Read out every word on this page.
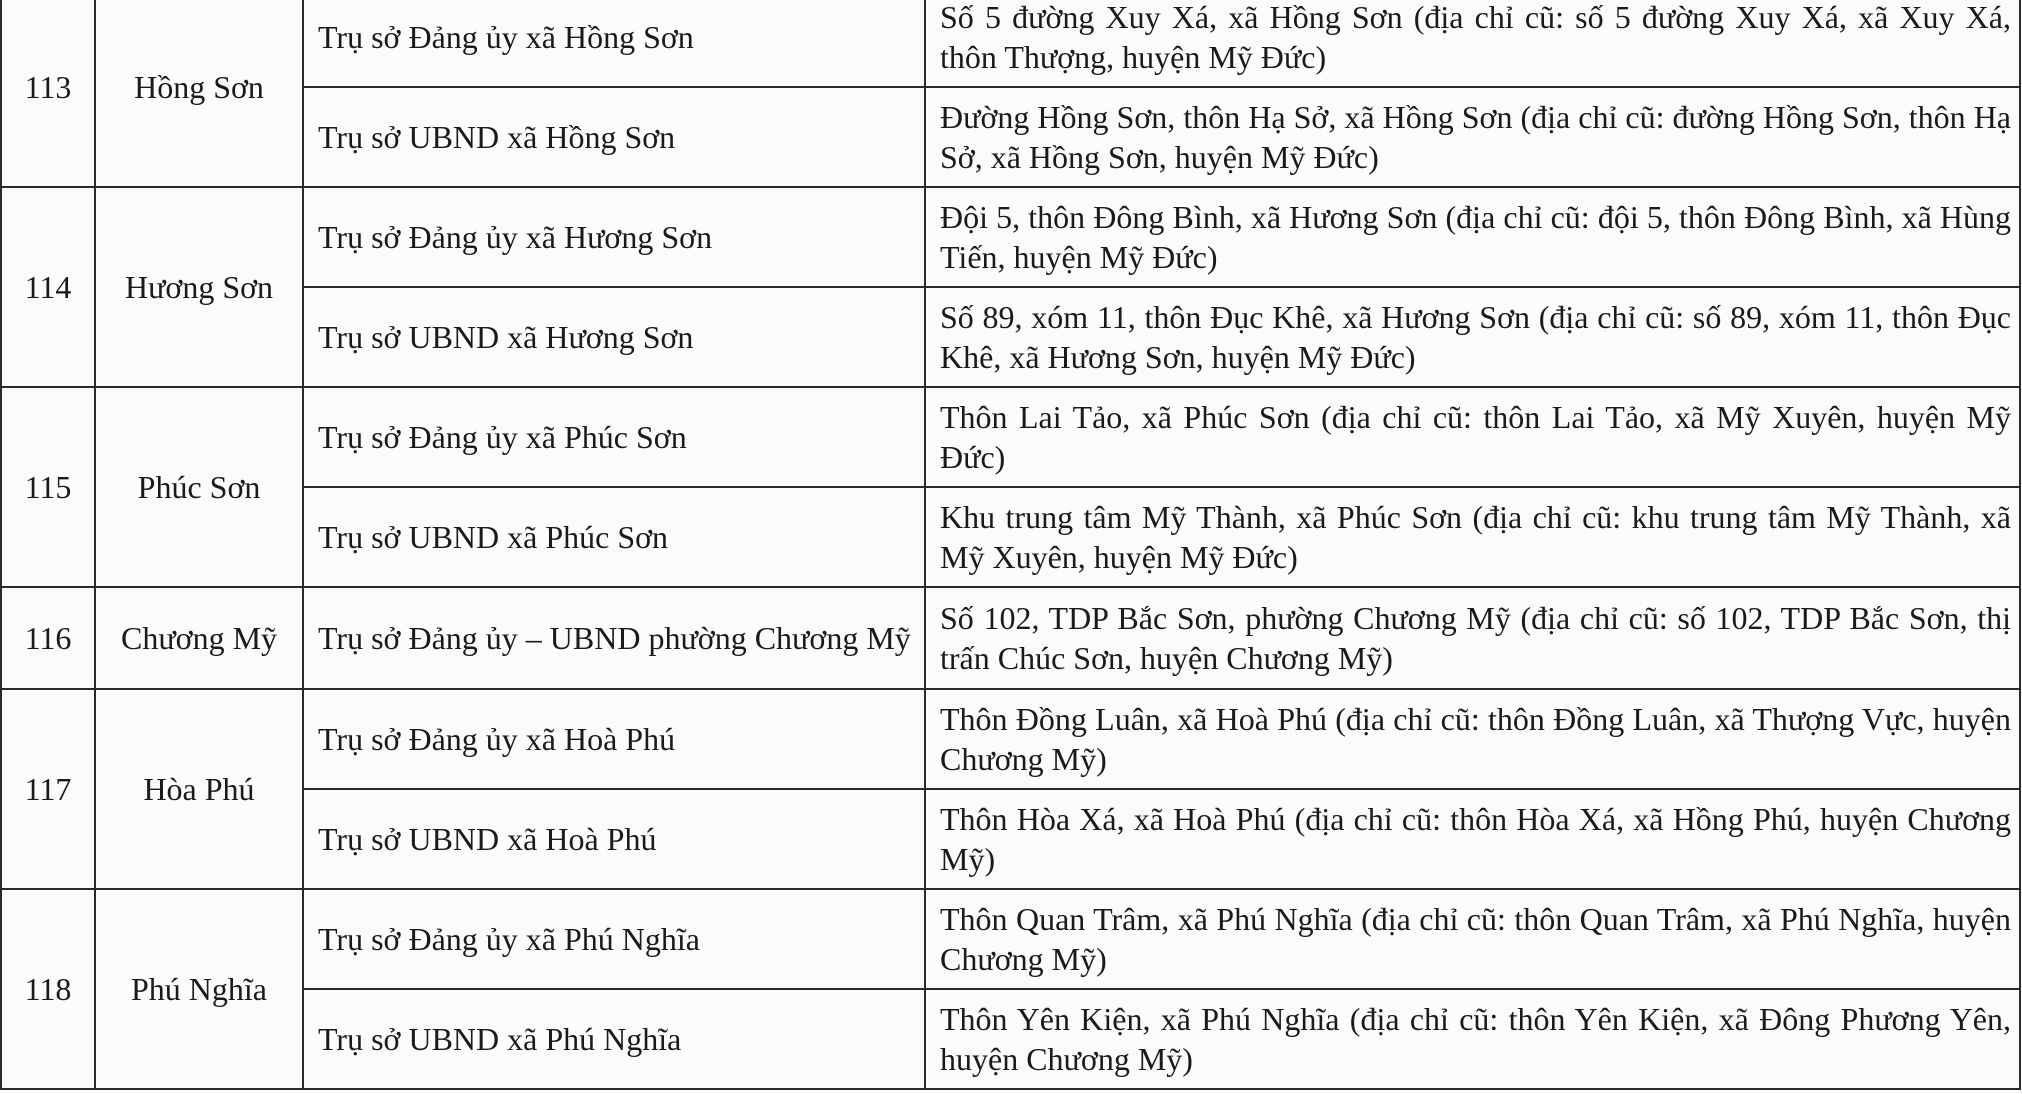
113	Hồng Sơn	Trụ sở Đảng ủy xã Hồng Sơn	Số 5 đường Xuy Xá, xã Hồng Sơn (địa chỉ cũ: số 5 đường Xuy Xá, xã Xuy Xá, thôn Thượng, huyện Mỹ Đức)
		Trụ sở UBND xã Hồng Sơn	Đường Hồng Sơn, thôn Hạ Sở, xã Hồng Sơn (địa chỉ cũ: đường Hồng Sơn, thôn Hạ Sở, xã Hồng Sơn, huyện Mỹ Đức)
114	Hương Sơn	Trụ sở Đảng ủy xã Hương Sơn	Đội 5, thôn Đông Bình, xã Hương Sơn (địa chỉ cũ: đội 5, thôn Đông Bình, xã Hùng Tiến, huyện Mỹ Đức)
		Trụ sở UBND xã Hương Sơn	Số 89, xóm 11, thôn Đục Khê, xã Hương Sơn (địa chỉ cũ: số 89, xóm 11, thôn Đục Khê, xã Hương Sơn, huyện Mỹ Đức)
115	Phúc Sơn	Trụ sở Đảng ủy xã Phúc Sơn	Thôn Lai Tảo, xã Phúc Sơn (địa chỉ cũ: thôn Lai Tảo, xã Mỹ Xuyên, huyện Mỹ Đức)
		Trụ sở UBND xã Phúc Sơn	Khu trung tâm Mỹ Thành, xã Phúc Sơn (địa chỉ cũ: khu trung tâm Mỹ Thành, xã Mỹ Xuyên, huyện Mỹ Đức)
116	Chương Mỹ	Trụ sở Đảng ủy – UBND phường Chương Mỹ	Số 102, TDP Bắc Sơn, phường Chương Mỹ (địa chỉ cũ: số 102, TDP Bắc Sơn, thị trấn Chúc Sơn, huyện Chương Mỹ)
117	Hòa Phú	Trụ sở Đảng ủy xã Hoà Phú	Thôn Đồng Luân, xã Hoà Phú (địa chỉ cũ: thôn Đồng Luân, xã Thượng Vực, huyện Chương Mỹ)
		Trụ sở UBND xã Hoà Phú	Thôn Hòa Xá, xã Hoà Phú (địa chỉ cũ: thôn Hòa Xá, xã Hồng Phú, huyện Chương Mỹ)
118	Phú Nghĩa	Trụ sở Đảng ủy xã Phú Nghĩa	Thôn Quan Trâm, xã Phú Nghĩa (địa chỉ cũ: thôn Quan Trâm, xã Phú Nghĩa, huyện Chương Mỹ)
		Trụ sở UBND xã Phú Nghĩa	Thôn Yên Kiện, xã Phú Nghĩa (địa chỉ cũ: thôn Yên Kiện, xã Đông Phương Yên, huyện Chương Mỹ)
